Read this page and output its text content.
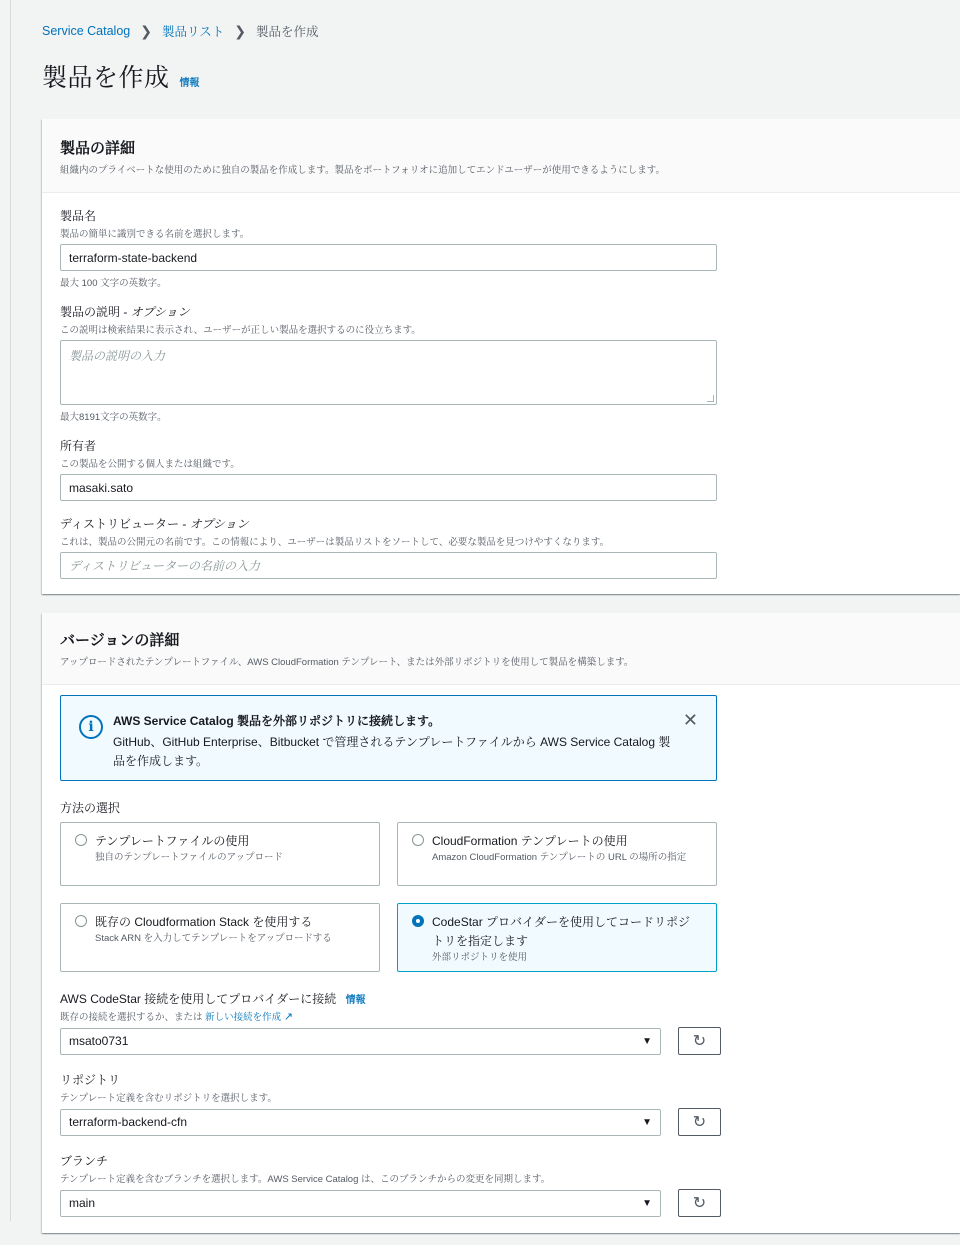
Service Catalog ❯ 製品リスト ❯ 製品を作成
製品を作成 情報
製品の詳細
組織内のプライベートな使用のために独自の製品を作成します。製品をポートフォリオに追加してエンドユーザーが使用できるようにします。
製品名
製品の簡単に識別できる名前を選択します。
terraform-state-backend
最大 100 文字の英数字。
製品の説明 - オプション
この説明は検索結果に表示され、ユーザーが正しい製品を選択するのに役立ちます。
製品の説明の入力
最大8191文字の英数字。
所有者
この製品を公開する個人または組織です。
masaki.sato
ディストリビューター - オプション
これは、製品の公開元の名前です。この情報により、ユーザーは製品リストをソートして、必要な製品を見つけやすくなります。
ディストリビューターの名前の入力
バージョンの詳細
アップロードされたテンプレートファイル、AWS CloudFormation テンプレート、または外部リポジトリを使用して製品を構築します。
i	AWS Service Catalog 製品を外部リポジトリに接続します。
GitHub、GitHub Enterprise、Bitbucket で管理されるテンプレートファイルから AWS Service Catalog 製品を作成します。
✕
方法の選択
テンプレートファイルの使用
独自のテンプレートファイルのアップロード
CloudFormation テンプレートの使用
Amazon CloudFormation テンプレートの URL の場所の指定
既存の Cloudformation Stack を使用する
Stack ARN を入力してテンプレートをアップロードする
CodeStar プロバイダーを使用してコードリポジトリを指定します
外部リポジトリを使用
AWS CodeStar 接続を使用してプロバイダーに接続 情報
既存の接続を選択するか、または 新しい接続を作成 ↗
msato0731	▼	↻
リポジトリ
テンプレート定義を含むリポジトリを選択します。
terraform-backend-cfn	▼	↻
ブランチ
テンプレート定義を含むブランチを選択します。AWS Service Catalog は、このブランチからの変更を同期します。
main	▼	↻
